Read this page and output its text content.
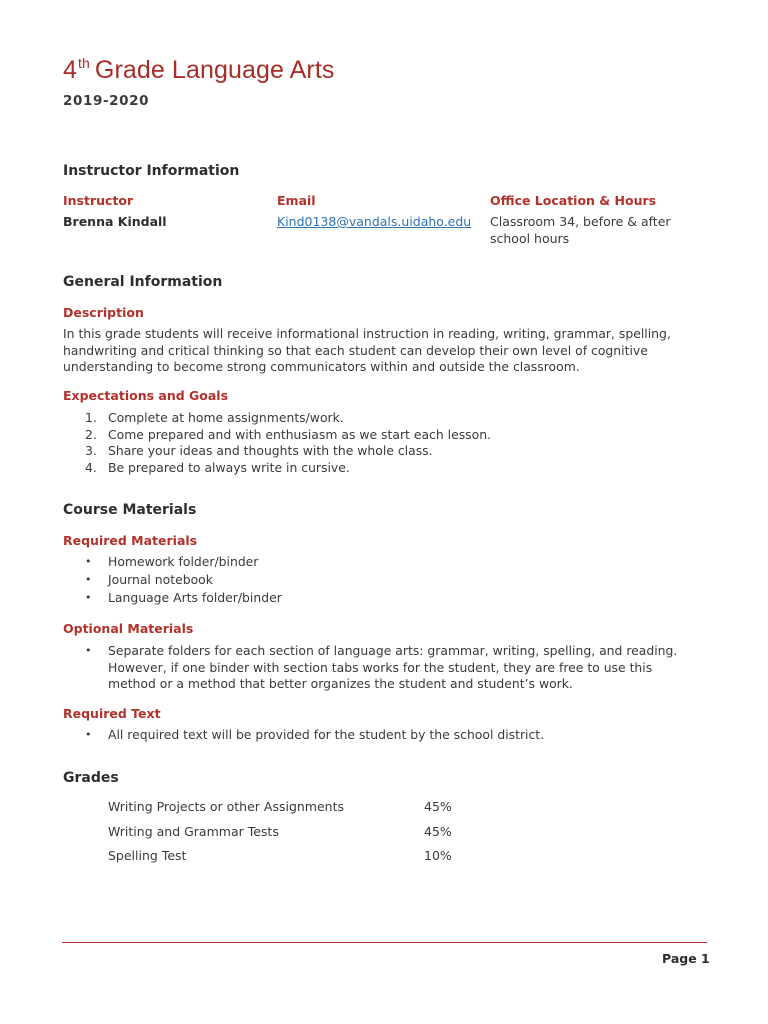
4th Grade Language Arts
2019-2020
Instructor Information
Instructor	Email	Office Location & Hours
Brenna Kindall	Kind0138@vandals.uidaho.edu Classroom 34, before & after
school hours
General Information
Description
In this grade students will receive informational instruction in reading, writing, grammar, spelling,
handwriting and critical thinking so that each student can develop their own level of cognitive
understanding to become strong communicators within and outside the classroom.
Expectations and Goals
1. Complete at home assignments/work.
2. Come prepared and with enthusiasm as we start each lesson.
3. Share your ideas and thoughts with the whole class.
4. Be prepared to always write in cursive.
Course Materials
Required Materials
• Homework folder/binder
• Journal notebook
• Language Arts folder/binder
Optional Materials
• Separate folders for each section of language arts: grammar, writing, spelling, and reading.
However, if one binder with section tabs works for the student, they are free to use this
method or a method that better organizes the student and student’s work.
Required Text
• All required text will be provided for the student by the school district.
Grades
Writing Projects or other Assignments	45%
Writing and Grammar Tests	45%
Spelling Test	10%
Page 1
